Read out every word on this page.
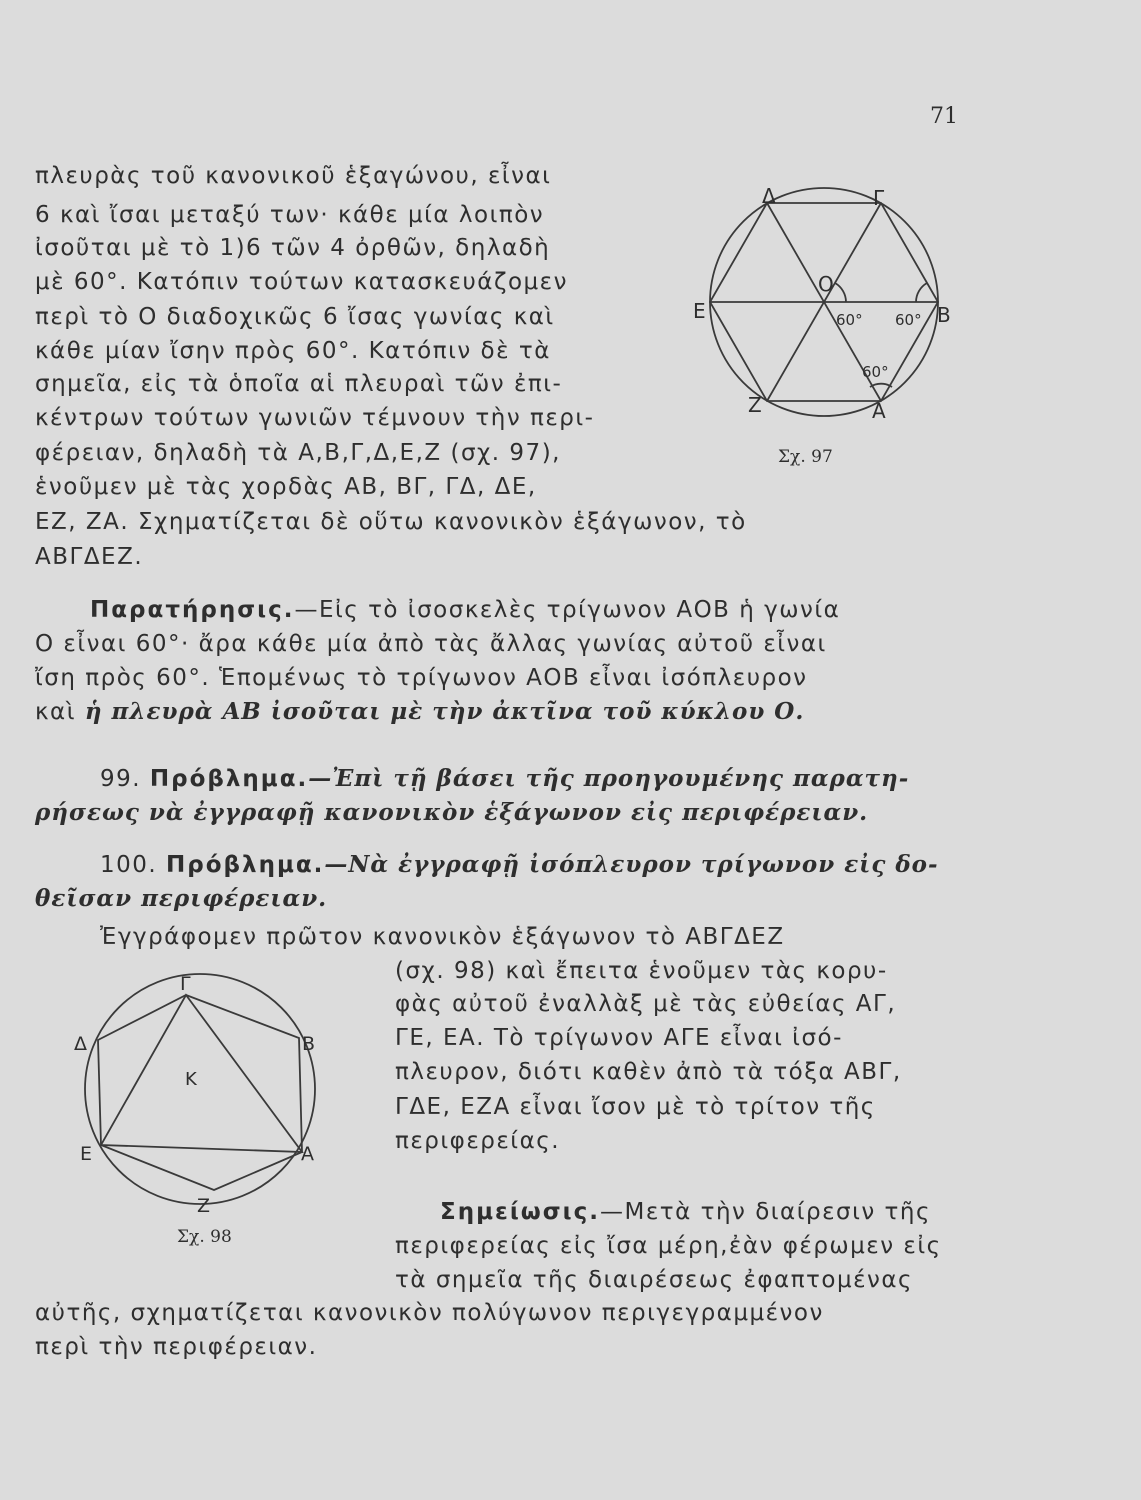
71
πλευρὰς τοῦ κανονικοῦ ἑξαγώνου, εἶναι
6 καὶ ἴσαι μεταξύ των· κάθε μία λοιπὸν
ἰσοῦται μὲ τὸ 1)6 τῶν 4 ὀρθῶν, δηλαδὴ
μὲ 60°. Κατόπιν τούτων κατασκευάζομεν
περὶ τὸ Ο διαδοχικῶς 6 ἴσας γωνίας καὶ
κάθε μίαν ἴσην πρὸς 60°. Κατόπιν δὲ τὰ
σημεῖα, εἰς τὰ ὁποῖα αἱ πλευραὶ τῶν ἐπι-
κέντρων τούτων γωνιῶν τέμνουν τὴν περι-
φέρειαν, δηλαδὴ τὰ Α,Β,Γ,Δ,Ε,Ζ (σχ. 97),
ἑνοῦμεν μὲ τὰς χορδὰς ΑΒ, ΒΓ, ΓΔ, ΔΕ,
ΕΖ, ΖΑ. Σχηματίζεται δὲ οὕτω κανονικὸν ἑξάγωνον, τὸ
ΑΒΓΔΕΖ.
Δ	Γ
Ε	Β
Ο
Ζ	Α
60° 60°
60°
Σχ. 97
Παρατήρησις.—Εἰς τὸ ἰσοσκελὲς τρίγωνον ΑΟΒ ἡ γωνία
Ο εἶναι 60°· ἄρα κάθε μία ἀπὸ τὰς ἄλλας γωνίας αὐτοῦ εἶναι
ἴση πρὸς 60°. Ἑπομένως τὸ τρίγωνον ΑΟΒ εἶναι ἰσόπλευρον
καὶ ἡ πλευρὰ ΑΒ ἰσοῦται μὲ τὴν ἀκτῖνα τοῦ κύκλου Ο.
99. Πρόβλημα.—Ἐπὶ τῇ βάσει τῆς προηγουμένης παρατη-
ρήσεως νὰ ἐγγραφῇ κανονικὸν ἑξάγωνον εἰς περιφέρειαν.
100. Πρόβλημα.—Νὰ ἐγγραφῇ ἰσόπλευρον τρίγωνον εἰς δο-
θεῖσαν περιφέρειαν.
Ἐγγράφομεν πρῶτον κανονικὸν ἑξάγωνον τὸ ΑΒΓΔΕΖ
(σχ. 98) καὶ ἔπειτα ἑνοῦμεν τὰς κορυ-
φὰς αὐτοῦ ἐναλλὰξ μὲ τὰς εὐθείας ΑΓ,
ΓΕ, ΕΑ. Τὸ τρίγωνον ΑΓΕ εἶναι ἰσό-
πλευρον, διότι καθὲν ἀπὸ τὰ τόξα ΑΒΓ,
ΓΔΕ, ΕΖΑ εἶναι ἴσον μὲ τὸ τρίτον τῆς
περιφερείας.
Γ
Δ	Β
Κ
Ε	Α
Ζ
Σχ. 98
Σημείωσις.—Μετὰ τὴν διαίρεσιν τῆς
περιφερείας εἰς ἴσα μέρη,ἐὰν φέρωμεν εἰς
τὰ σημεῖα τῆς διαιρέσεως ἐφαπτομένας
αὐτῆς, σχηματίζεται κανονικὸν πολύγωνον περιγεγραμμένον
περὶ τὴν περιφέρειαν.
